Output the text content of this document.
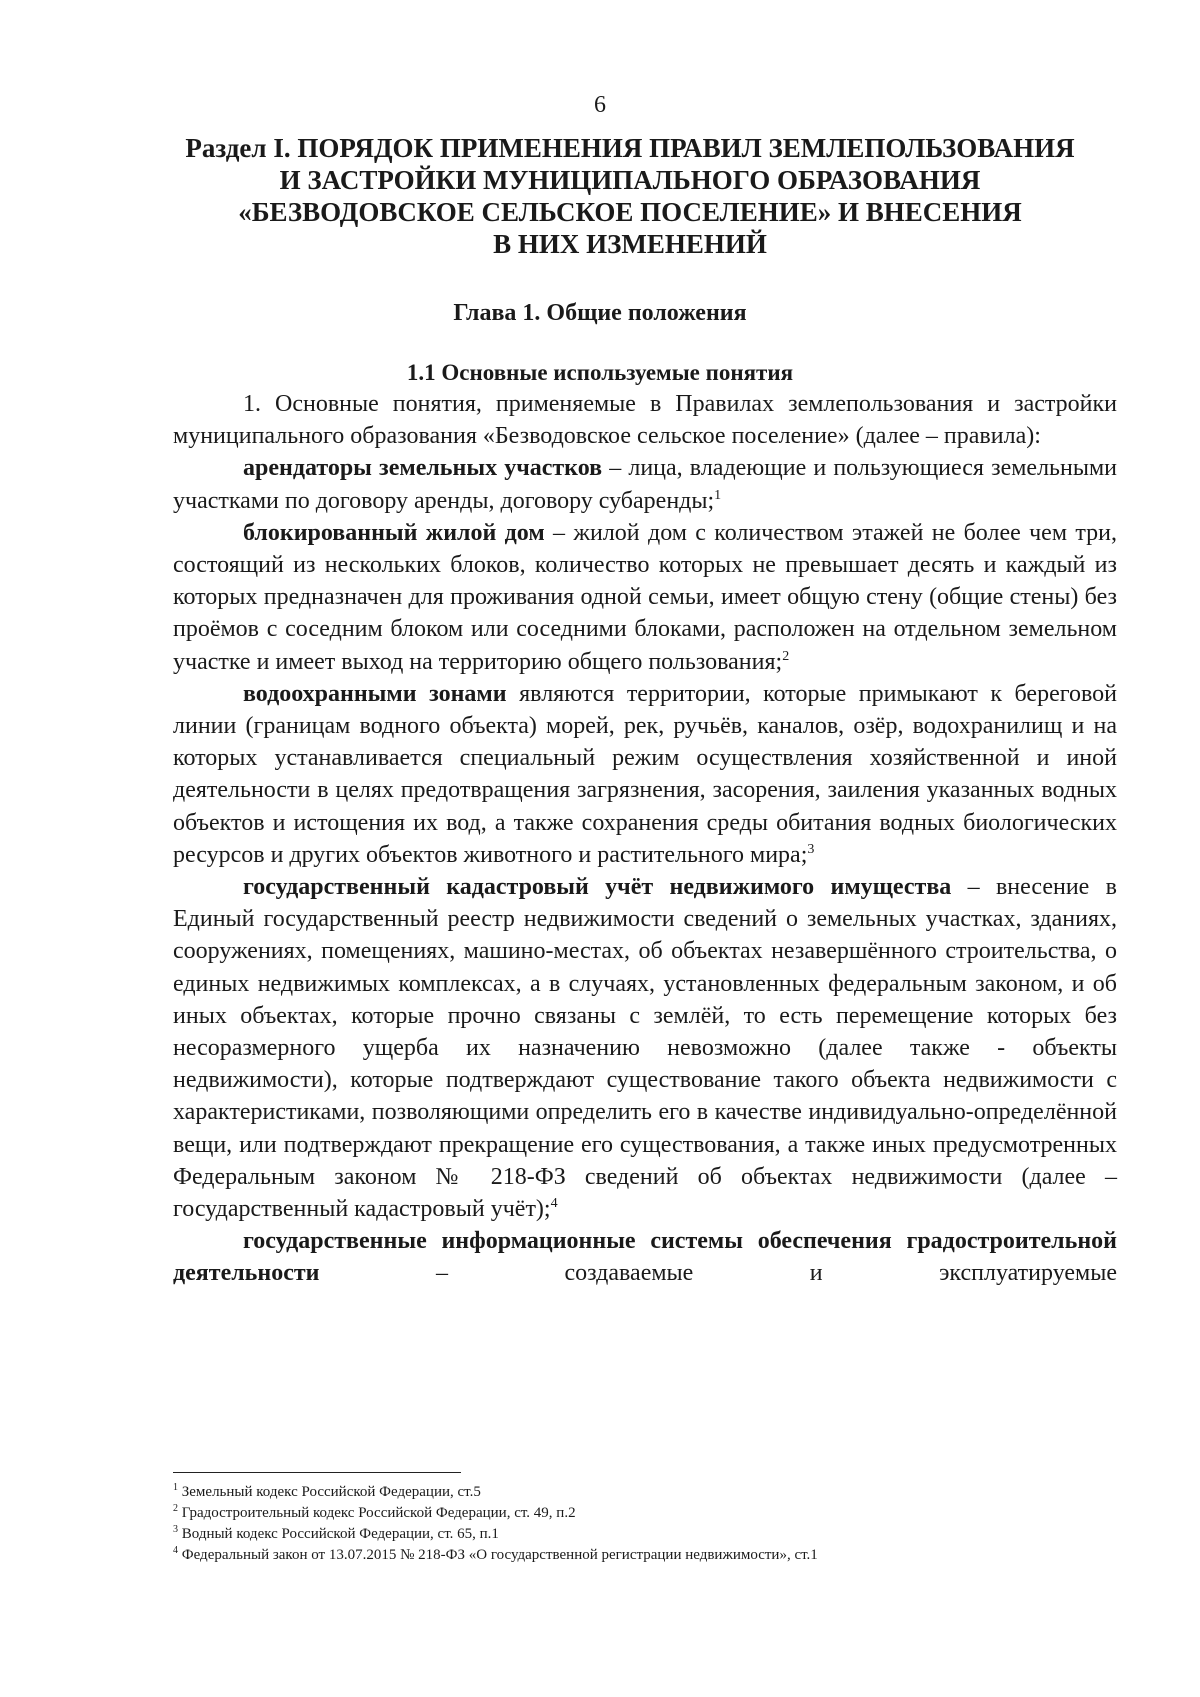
6
Раздел I. ПОРЯДОК ПРИМЕНЕНИЯ ПРАВИЛ ЗЕМЛЕПОЛЬЗОВАНИЯ
И ЗАСТРОЙКИ МУНИЦИПАЛЬНОГО ОБРАЗОВАНИЯ
«БЕЗВОДОВСКОЕ СЕЛЬСКОЕ ПОСЕЛЕНИЕ» И ВНЕСЕНИЯ
В НИХ ИЗМЕНЕНИЙ
Глава 1. Общие положения
1.1 Основные используемые понятия

1. Основные понятия, применяемые в Правилах землепользования и застройки муниципального образования «Безводовское сельское поселение» (далее – правила):

арендаторы земельных участков – лица, владеющие и пользующиеся земельными участками по договору аренды, договору субаренды;$^1$

блокированный жилой дом – жилой дом с количеством этажей не более чем три, состоящий из нескольких блоков, количество которых не превышает десять и каждый из которых предназначен для проживания одной семьи, имеет общую стену (общие стены) без проёмов с соседним блоком или соседними блоками, расположен на отдельном земельном участке и имеет выход на территорию общего пользования;$^2$

водоохранными зонами являются территории, которые примыкают к береговой линии (границам водного объекта) морей, рек, ручьёв, каналов, озёр, водохранилищ и на которых устанавливается специальный режим осуществления хозяйственной и иной деятельности в целях предотвращения загрязнения, засорения, заиления указанных водных объектов и истощения их вод, а также сохранения среды обитания водных биологических ресурсов и других объектов животного и растительного мира;$^3$

государственный кадастровый учёт недвижимого имущества – внесение в Единый государственный реестр недвижимости сведений о земельных участках, зданиях, сооружениях, помещениях, машино-местах, об объектах незавершённого строительства, о единых недвижимых комплексах, а в случаях, установленных федеральным законом, и об иных объектах, которые прочно связаны с землёй, то есть перемещение которых без несоразмерного ущерба их назначению невозможно (далее также - объекты недвижимости), которые подтверждают существование такого объекта недвижимости с характеристиками, позволяющими определить его в качестве индивидуально-определённой вещи, или подтверждают прекращение его существования, а также иных предусмотренных Федеральным законом № 218-ФЗ сведений об объектах недвижимости (далее – государственный кадастровый учёт);$^4$

государственные информационные системы обеспечения градостроительной деятельности – создаваемые и эксплуатируемые

$^1$ Земельный кодекс Российской Федерации, ст.5
$^2$ Градостроительный кодекс Российской Федерации, ст. 49, п.2
$^3$ Водный кодекс Российской Федерации, ст. 65, п.1
$^4$ Федеральный закон от 13.07.2015 № 218-ФЗ «О государственной регистрации недвижимости», ст.1
